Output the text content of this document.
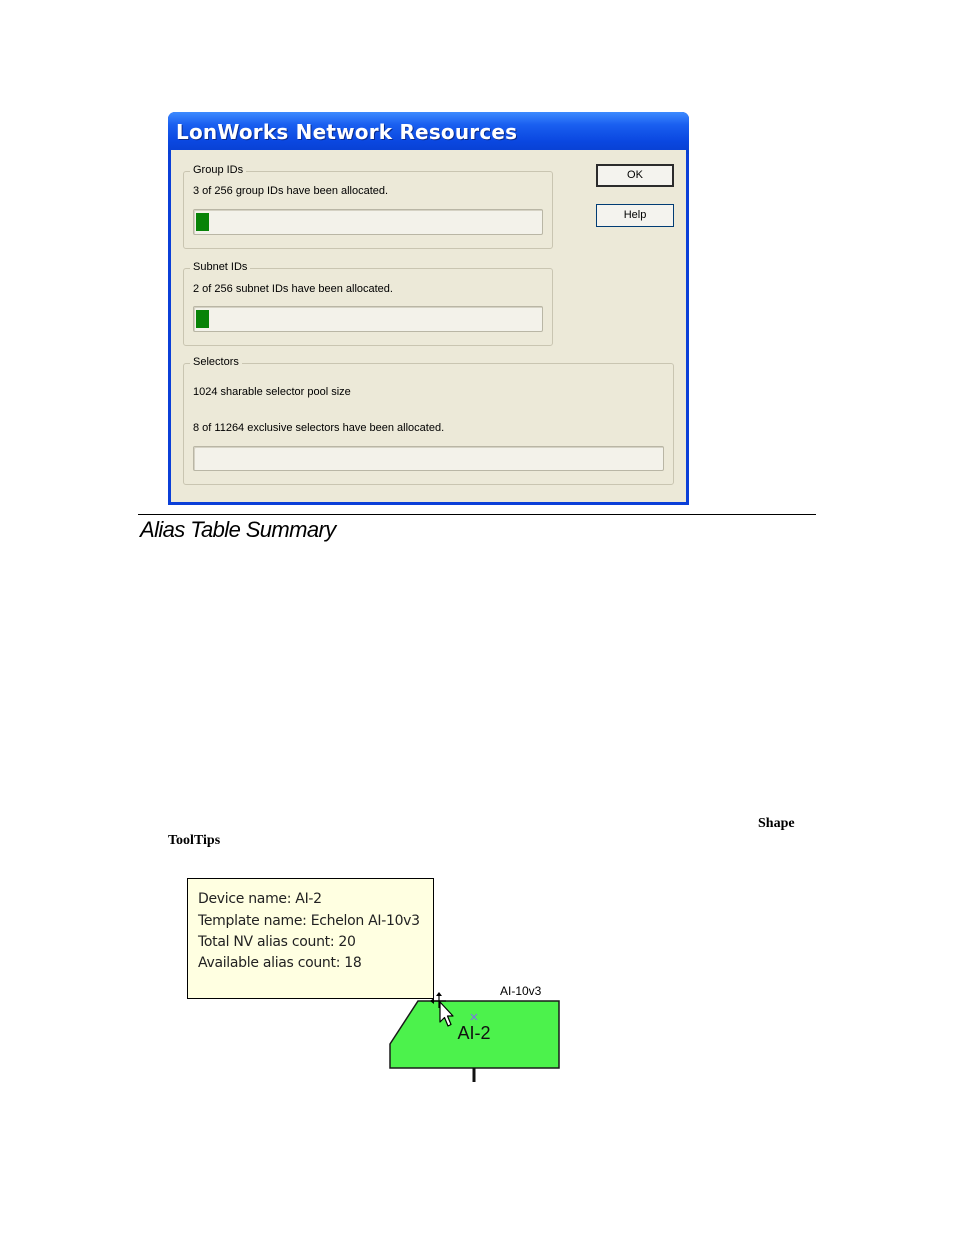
LonWorks Network Resources
Group IDs
3 of 256 group IDs have been allocated.
Subnet IDs
2 of 256 subnet IDs have been allocated.
Selectors
1024 sharable selector pool size
8 of 11264 exclusive selectors have been allocated.
OK
Help
Alias Table Summary
Shape
ToolTips
Device name: AI-2
Template name: Echelon AI-10v3
Total NV alias count: 20
Available alias count: 18
AI-10v3
AI-2
